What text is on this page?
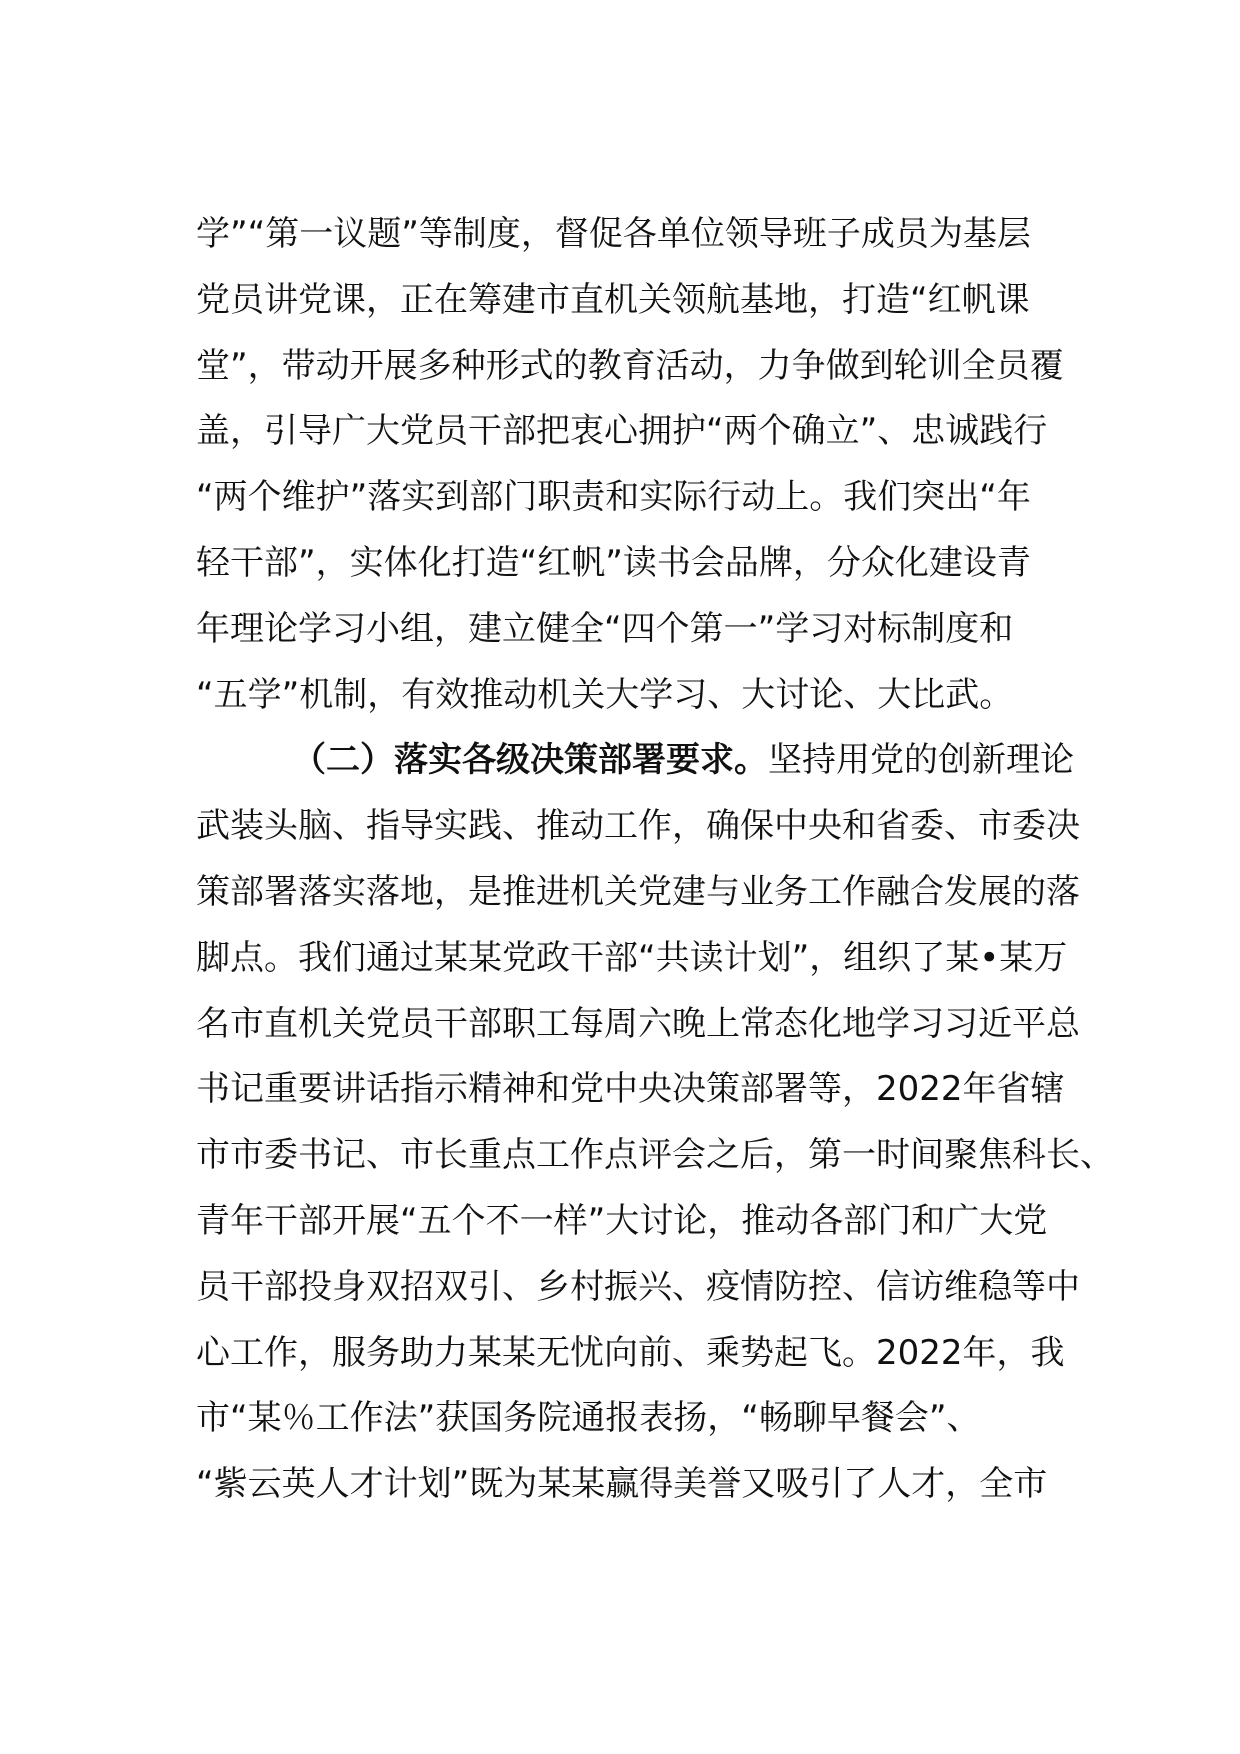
学”“第一议题”等制度，督促各单位领导班子成员为基层
党员讲党课，正在筹建市直机关领航基地，打造“红帆课
堂”，带动开展多种形式的教育活动，力争做到轮训全员覆
盖，引导广大党员干部把衷心拥护“两个确立”、忠诚践行
“两个维护”落实到部门职责和实际行动上。我们突出“年
轻干部”，实体化打造“红帆”读书会品牌，分众化建设青
年理论学习小组，建立健全“四个第一”学习对标制度和
“五学”机制，有效推动机关大学习、大讨论、大比武。
（二）落实各级决策部署要求。坚持用党的创新理论
武装头脑、指导实践、推动工作，确保中央和省委、市委决
策部署落实落地，是推进机关党建与业务工作融合发展的落
脚点。我们通过某某党政干部“共读计划”，组织了某•某万
名市直机关党员干部职工每周六晚上常态化地学习习近平总
书记重要讲话指示精神和党中央决策部署等，2022年省辖
市市委书记、市长重点工作点评会之后，第一时间聚焦科长、
青年干部开展“五个不一样”大讨论，推动各部门和广大党
员干部投身双招双引、乡村振兴、疫情防控、信访维稳等中
心工作，服务助力某某无忧向前、乘势起飞。2022年，我
市“某％工作法”获国务院通报表扬，“畅聊早餐会”、
“紫云英人才计划”既为某某赢得美誉又吸引了人才，全市
